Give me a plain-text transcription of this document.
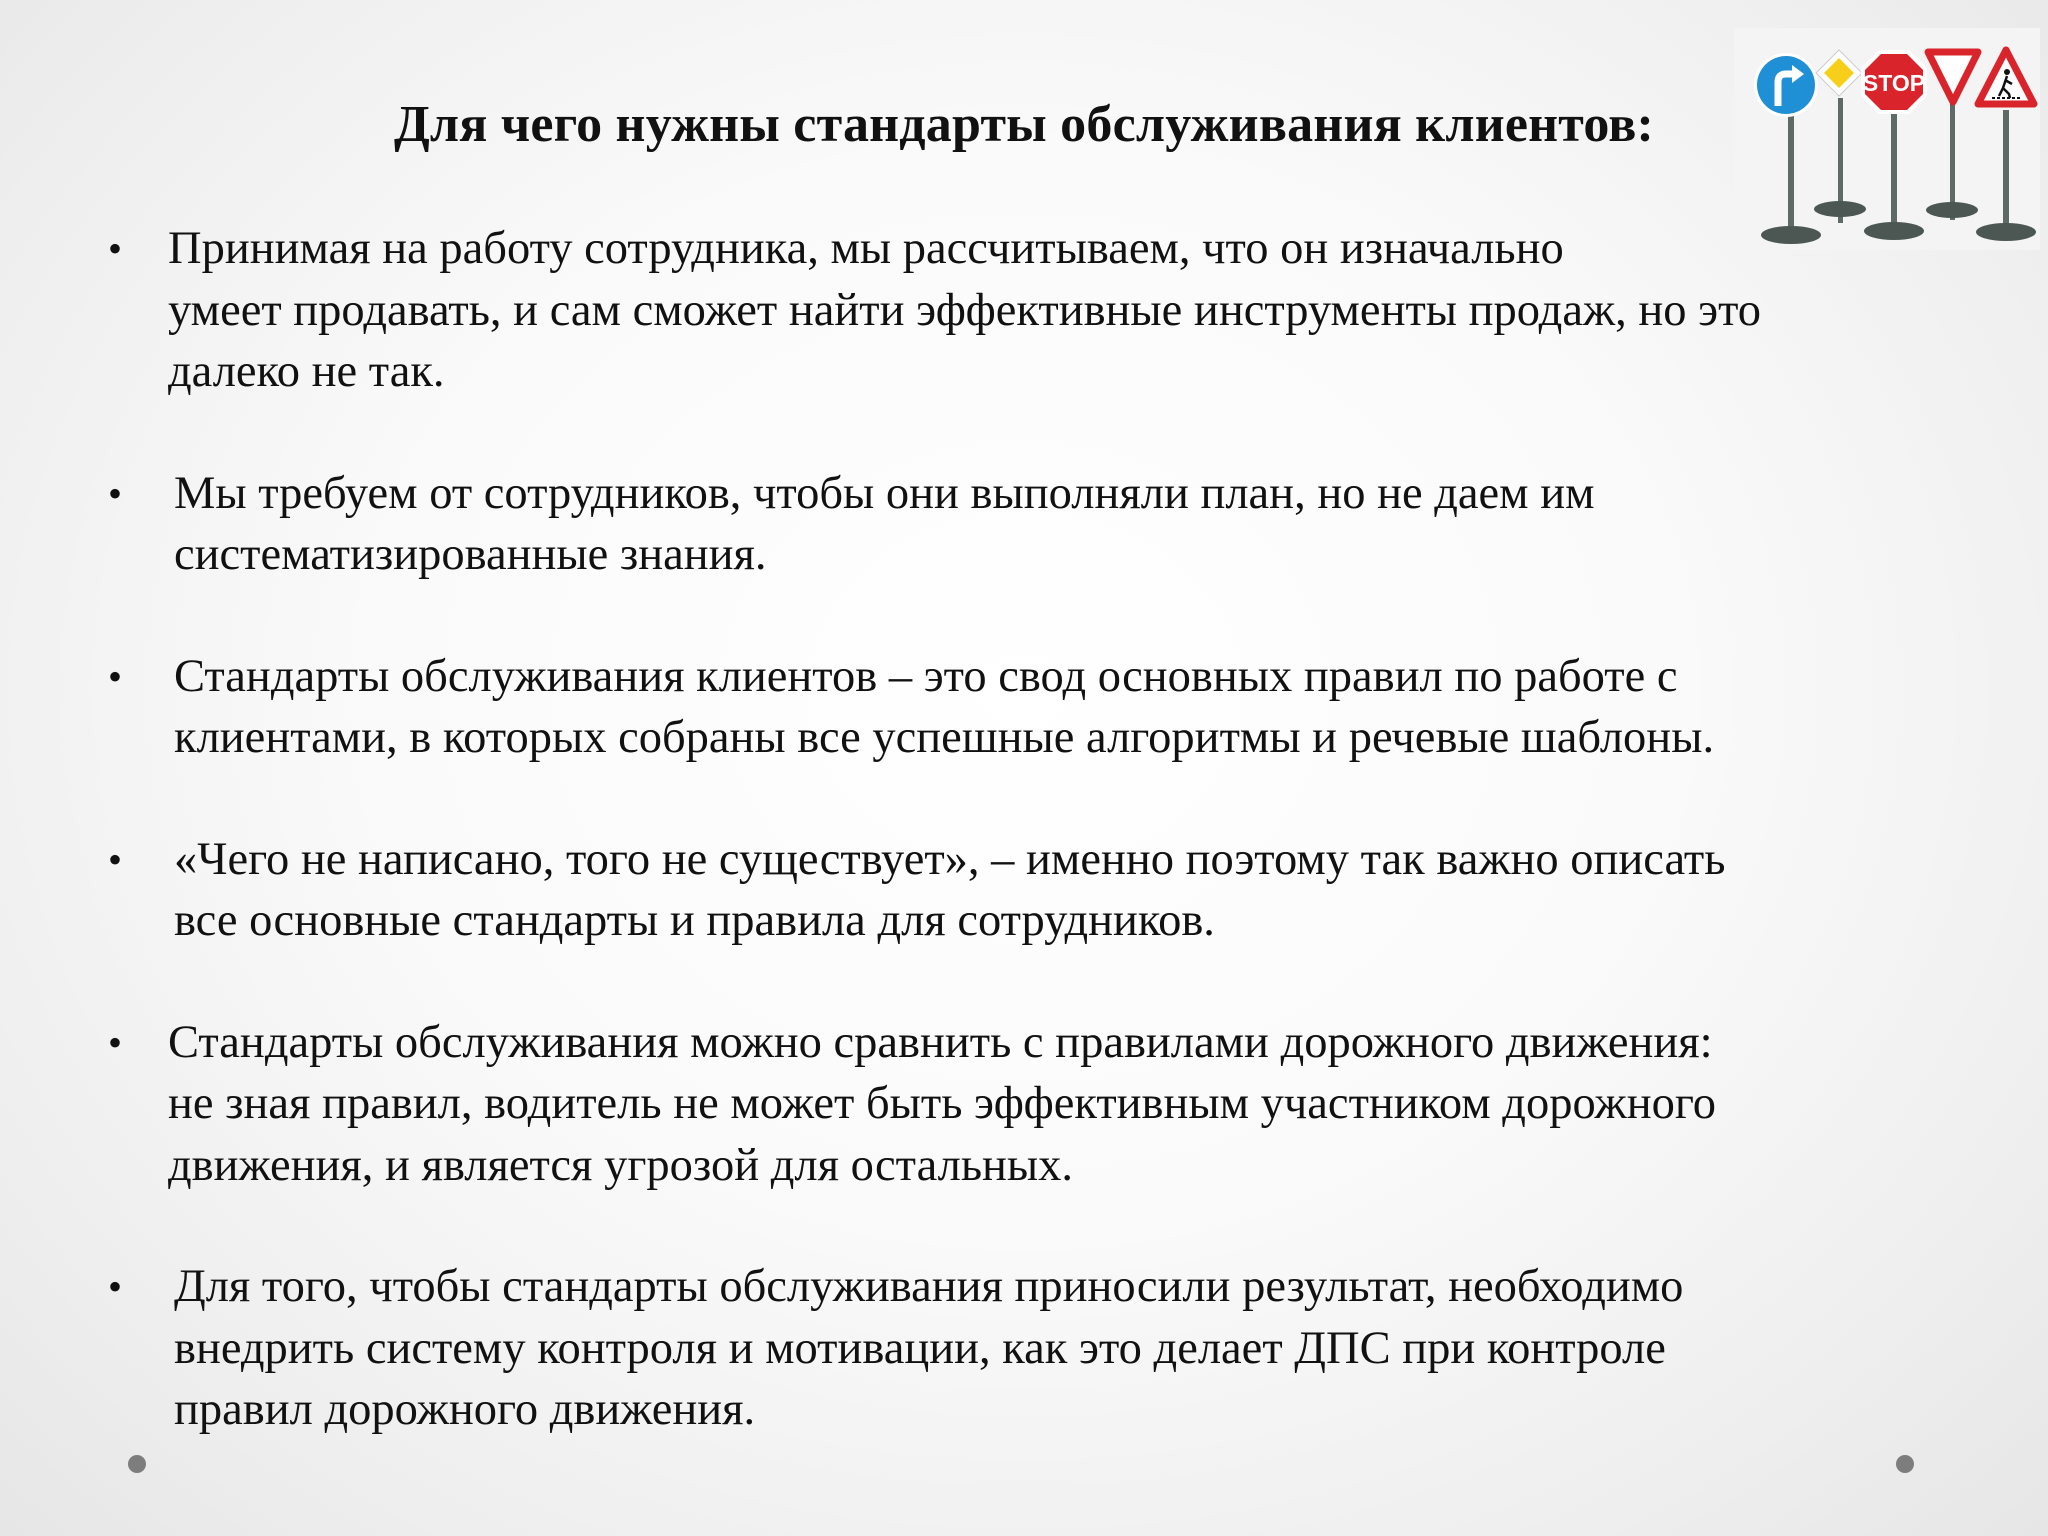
Для чего нужны стандарты обслуживания клиентов:
STOP
• Принимая на работу сотрудника, мы рассчитываем, что он изначально
умеет продавать, и сам сможет найти эффективные инструменты продаж, но это
далеко не так.
•	Мы требуем от сотрудников, чтобы они выполняли план, но не даем им
систематизированные знания.
•	Стандарты обслуживания клиентов – это свод основных правил по работе с
клиентами, в которых собраны все успешные алгоритмы и речевые шаблоны.
•	«Чего не написано, того не существует», – именно поэтому так важно описать
все основные стандарты и правила для сотрудников.
• Стандарты обслуживания можно сравнить с правилами дорожного движения:
не зная правил, водитель не может быть эффективным участником дорожного
движения, и является угрозой для остальных.
•	Для того, чтобы стандарты обслуживания приносили результат, необходимо
внедрить систему контроля и мотивации, как это делает ДПС при контроле
правил дорожного движения.
